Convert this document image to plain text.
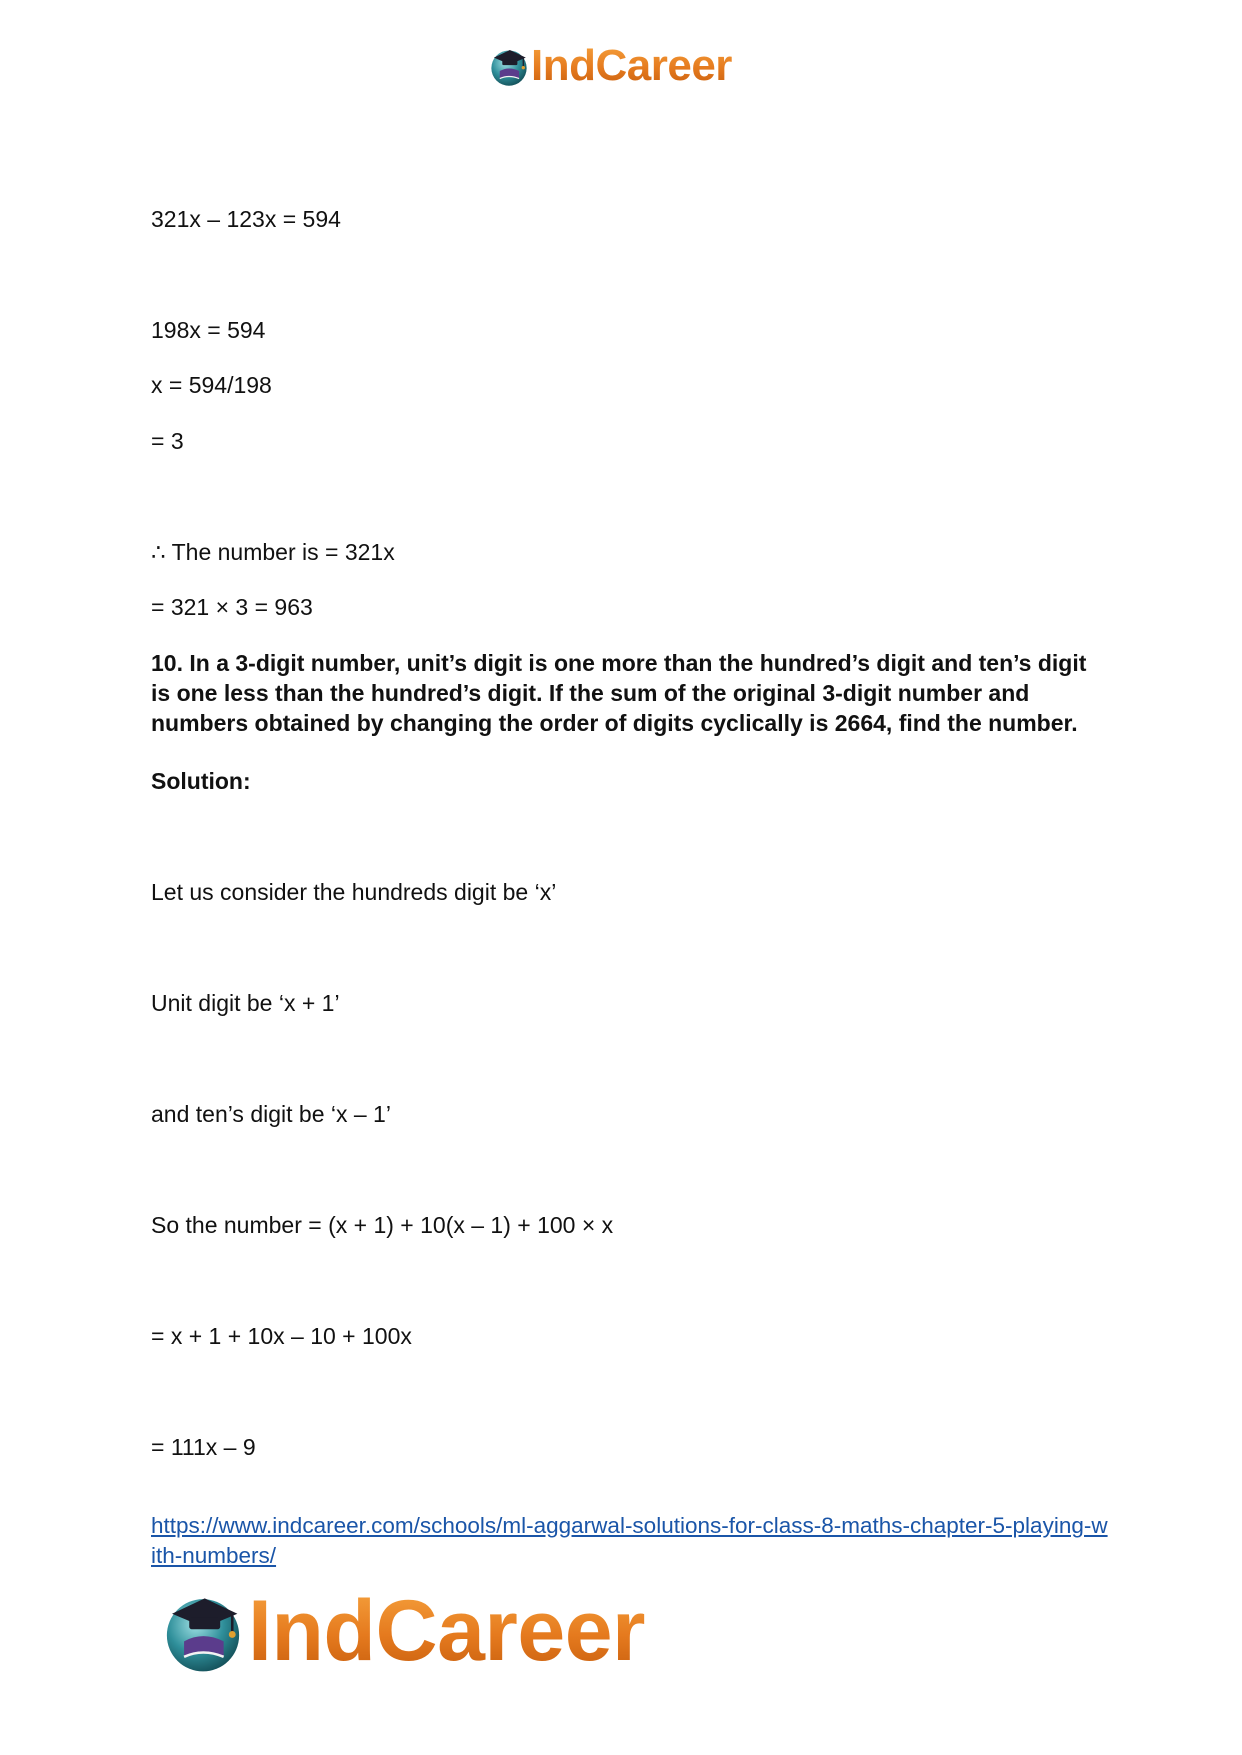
IndCareer

321x – 123x = 594

198x = 594

x = 594/198

= 3

∴ The number is = 321x

= 321 × 3 = 963

10. In a 3-digit number, unit’s digit is one more than the hundred’s digit and ten’s digit is one less than the hundred’s digit. If the sum of the original 3-digit number and numbers obtained by changing the order of digits cyclically is 2664, find the number.

Solution:

Let us consider the hundreds digit be ‘x’

Unit digit be ‘x + 1’

and ten’s digit be ‘x – 1’

So the number = (x + 1) + 10(x – 1) + 100 × x

= x + 1 + 10x – 10 + 100x

= 111x – 9

https://www.indcareer.com/schools/ml-aggarwal-solutions-for-class-8-maths-chapter-5-playing-with-numbers/
IndCareer
